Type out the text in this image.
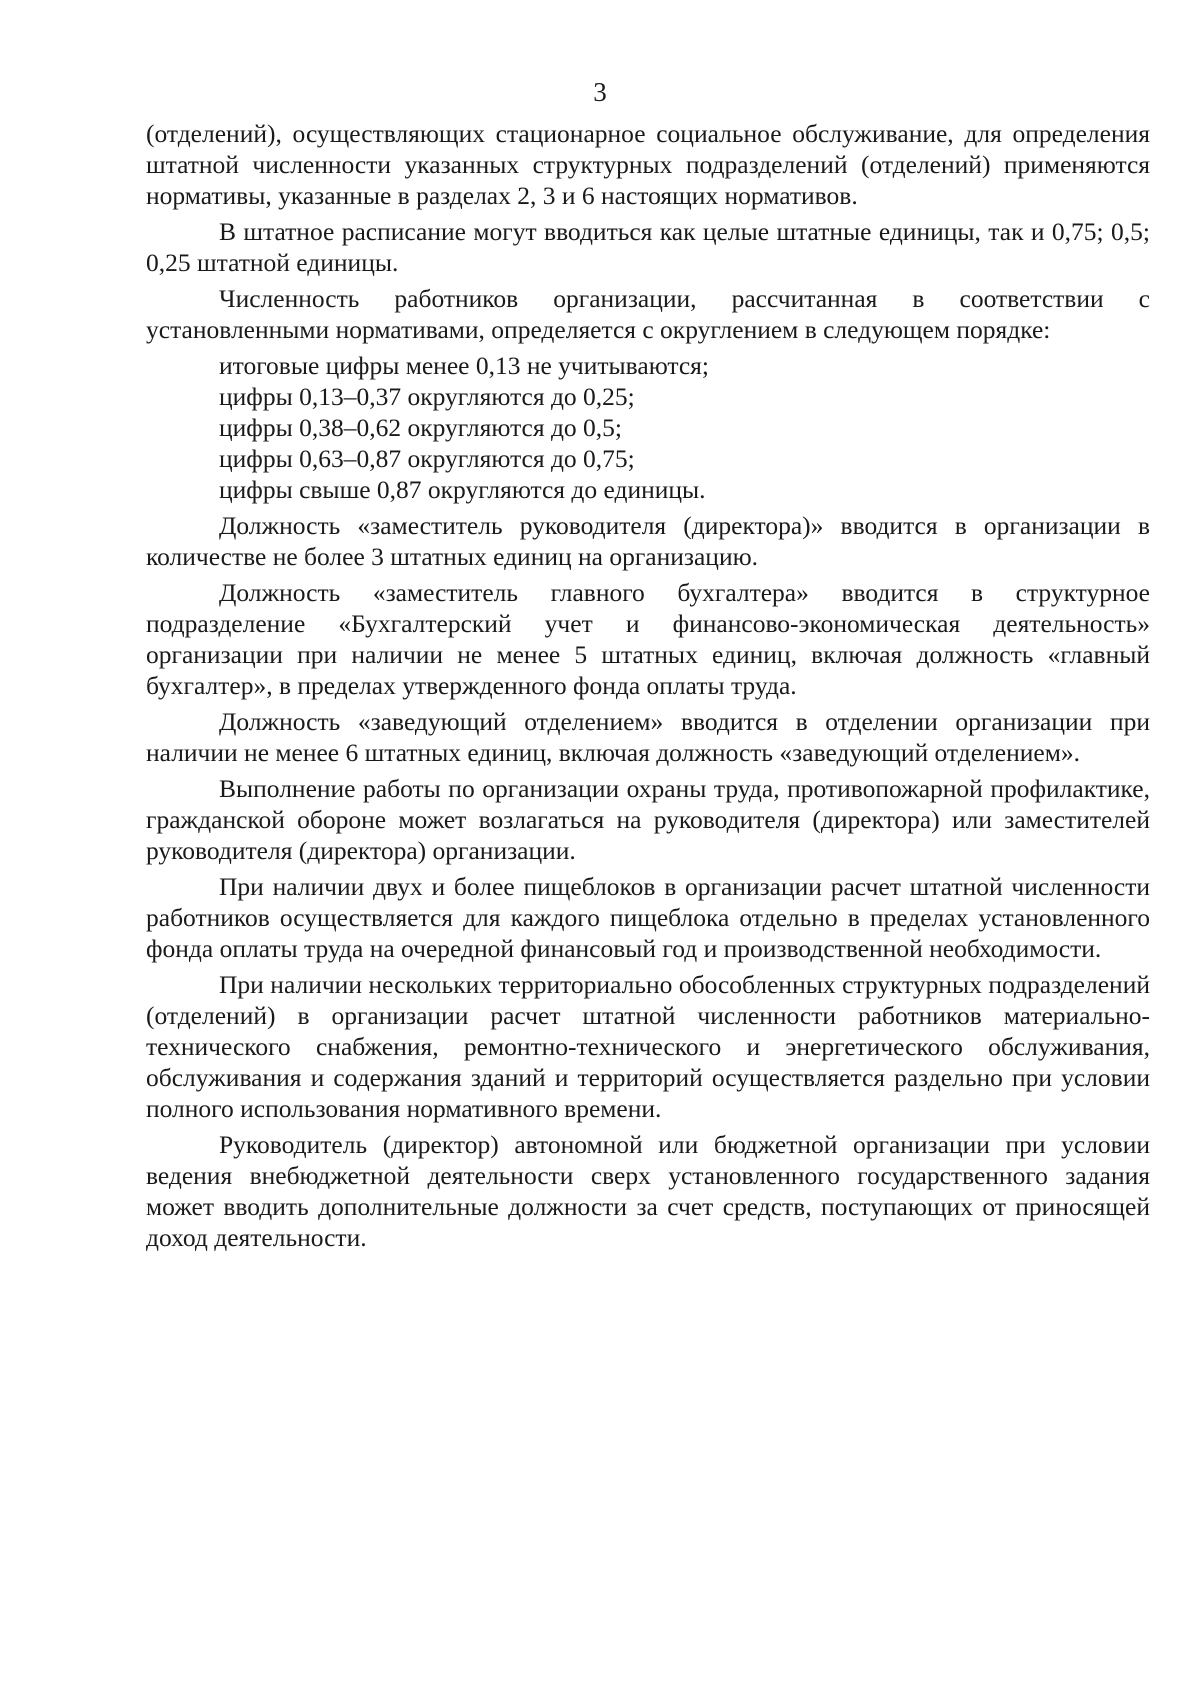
3

(отделений), осуществляющих стационарное социальное обслуживание, для определения штатной численности указанных структурных подразделений (отделений) применяются нормативы, указанные в разделах 2, 3 и 6 настоящих нормативов.

В штатное расписание могут вводиться как целые штатные единицы, так и 0,75; 0,5; 0,25 штатной единицы.

Численность работников организации, рассчитанная в соответствии с установленными нормативами, определяется с округлением в следующем порядке:

итоговые цифры менее 0,13 не учитываются;
цифры 0,13–0,37 округляются до 0,25;
цифры 0,38–0,62 округляются до 0,5;
цифры 0,63–0,87 округляются до 0,75;
цифры свыше 0,87 округляются до единицы.

Должность «заместитель руководителя (директора)» вводится в организации в количестве не более 3 штатных единиц на организацию.

Должность «заместитель главного бухгалтера» вводится в структурное подразделение «Бухгалтерский учет и финансово-экономическая деятельность» организации при наличии не менее 5 штатных единиц, включая должность «главный бухгалтер», в пределах утвержденного фонда оплаты труда.

Должность «заведующий отделением» вводится в отделении организации при наличии не менее 6 штатных единиц, включая должность «заведующий отделением».

Выполнение работы по организации охраны труда, противопожарной профилактике, гражданской обороне может возлагаться на руководителя (директора) или заместителей руководителя (директора) организации.

При наличии двух и более пищеблоков в организации расчет штатной численности работников осуществляется для каждого пищеблока отдельно в пределах установленного фонда оплаты труда на очередной финансовый год и производственной необходимости.

При наличии нескольких территориально обособленных структурных подразделений (отделений) в организации расчет штатной численности работников материально-технического снабжения, ремонтно-технического и энергетического обслуживания, обслуживания и содержания зданий и территорий осуществляется раздельно при условии полного использования нормативного времени.

Руководитель (директор) автономной или бюджетной организации при условии ведения внебюджетной деятельности сверх установленного государственного задания может вводить дополнительные должности за счет средств, поступающих от приносящей доход деятельности.
